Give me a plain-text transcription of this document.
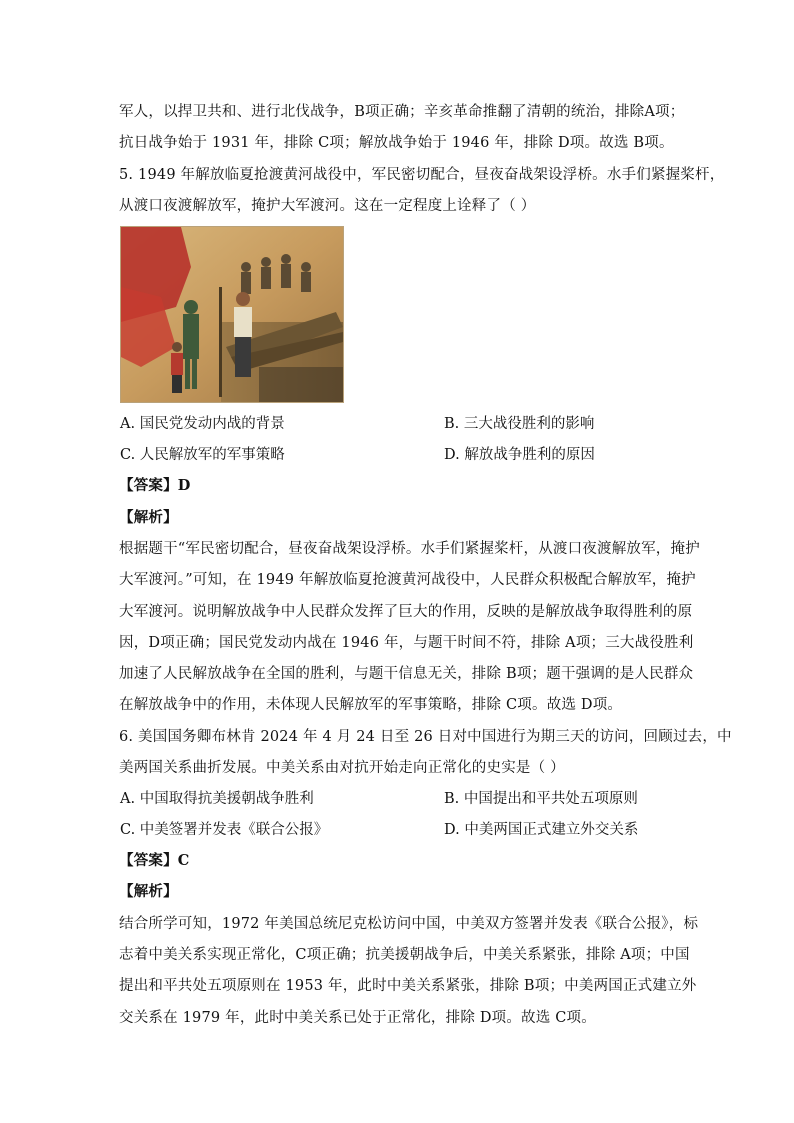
军人，以捍卫共和、进行北伐战争，B项正确；辛亥革命推翻了清朝的统治，排除A项；
抗日战争始于 1931 年，排除 C项；解放战争始于 1946 年，排除 D项。故选 B项。
5. 1949 年解放临夏抢渡黄河战役中，军民密切配合，昼夜奋战架设浮桥。水手们紧握桨杆，
从渡口夜渡解放军，掩护大军渡河。这在一定程度上诠释了（ ）
A. 国民党发动内战的背景	B. 三大战役胜利的影响
C. 人民解放军的军事策略	D. 解放战争胜利的原因
【答案】D
【解析】
根据题干“军民密切配合，昼夜奋战架设浮桥。水手们紧握桨杆，从渡口夜渡解放军，掩护
大军渡河。”可知，在 1949 年解放临夏抢渡黄河战役中，人民群众积极配合解放军，掩护
大军渡河。说明解放战争中人民群众发挥了巨大的作用，反映的是解放战争取得胜利的原
因，D项正确；国民党发动内战在 1946 年，与题干时间不符，排除 A项；三大战役胜利
加速了人民解放战争在全国的胜利，与题干信息无关，排除 B项；题干强调的是人民群众
在解放战争中的作用，未体现人民解放军的军事策略，排除 C项。故选 D项。
6. 美国国务卿布林肯 2024 年 4 月 24 日至 26 日对中国进行为期三天的访问，回顾过去，中
美两国关系曲折发展。中美关系由对抗开始走向正常化的史实是（ ）
A. 中国取得抗美援朝战争胜利	B. 中国提出和平共处五项原则
C. 中美签署并发表《联合公报》	D. 中美两国正式建立外交关系
【答案】C
【解析】
结合所学可知，1972 年美国总统尼克松访问中国，中美双方签署并发表《联合公报》，标
志着中美关系实现正常化，C项正确；抗美援朝战争后，中美关系紧张，排除 A项；中国
提出和平共处五项原则在 1953 年，此时中美关系紧张，排除 B项；中美两国正式建立外
交关系在 1979 年，此时中美关系已处于正常化，排除 D项。故选 C项。
